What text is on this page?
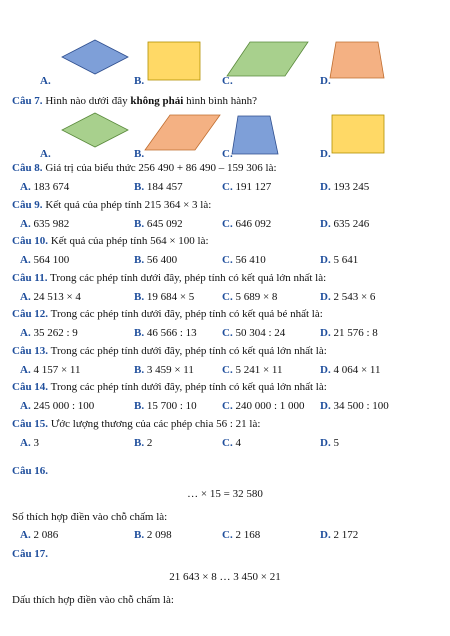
A.	B.	C.	D.
Câu 7. Hình nào dưới đây không phải hình bình hành?
A.	B.	C.	D.
Câu 8. Giá trị của biểu thức 256 490 + 86 490 – 159 306 là:
A. 183 674	B. 184 457	C. 191 127	D. 193 245
Câu 9. Kết quả của phép tính 215 364 × 3 là:
A. 635 982	B. 645 092	C. 646 092	D. 635 246
Câu 10. Kết quả của phép tính 564 × 100 là:
A. 564 100	B. 56 400	C. 56 410	D. 5 641
Câu 11. Trong các phép tính dưới đây, phép tính có kết quả lớn nhất là:
A. 24 513 × 4	B. 19 684 × 5	C. 5 689 × 8	D. 2 543 × 6
Câu 12. Trong các phép tính dưới đây, phép tính có kết quả bé nhất là:
A. 35 262 : 9	B. 46 566 : 13 C. 50 304 : 24	D. 21 576 : 8
Câu 13. Trong các phép tính dưới đây, phép tính có kết quả lớn nhất là:
A. 4 157 × 11	B. 3 459 × 11	C. 5 241 × 11	D. 4 064 × 11
Câu 14. Trong các phép tính dưới đây, phép tính có kết quả lớn nhất là:
A. 245 000 : 100	B. 15 700 : 10 C. 240 000 : 1 000 D. 34 500 : 100
Câu 15. Ước lượng thương của các phép chia 56 : 21 là:
A. 3	B. 2	C. 4	D. 5
Câu 16.
… × 15 = 32 580
Số thích hợp điền vào chỗ chấm là:
A. 2 086	B. 2 098	C. 2 168	D. 2 172
Câu 17.
21 643 × 8 … 3 450 × 21
Dấu thích hợp điền vào chỗ chấm là:
